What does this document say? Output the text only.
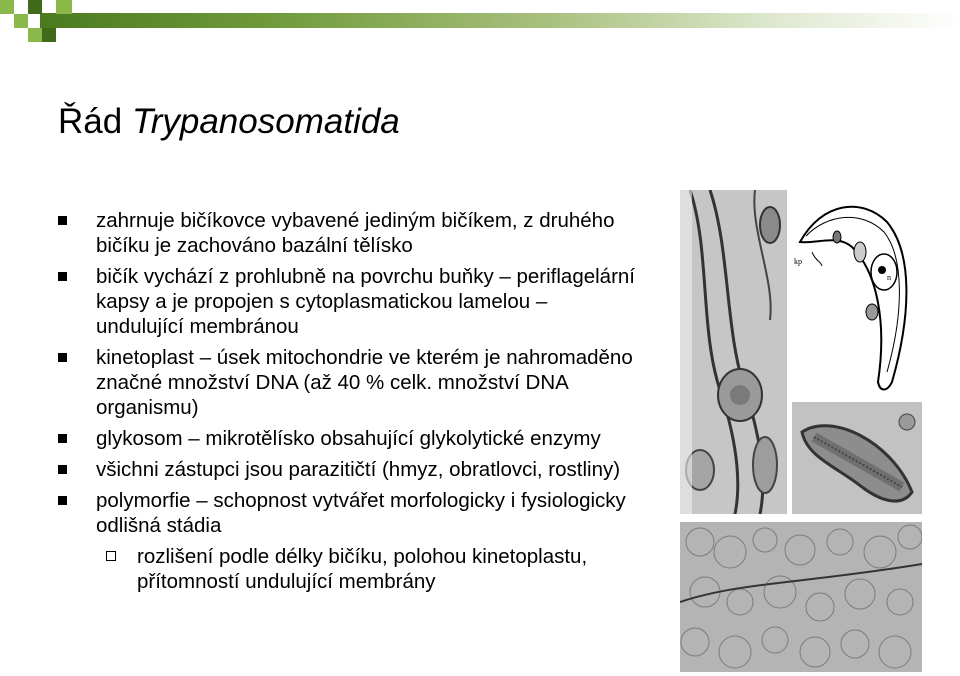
Řád Trypanosomatida
zahrnuje bičíkovce vybavené jediným bičíkem, z druhého bičíku je zachováno bazální tělísko
bičík vychází z prohlubně na povrchu buňky – periflagelární kapsy a je propojen s cytoplasmatickou lamelou – undulující membránou
kinetoplast – úsek mitochondrie ve kterém je nahromaděno značné množství DNA (až 40 % celk. množství DNA organismu)
glykosom – mikrotělísko obsahující glykolytické enzymy
všichni zástupci jsou parazitičtí (hmyz, obratlovci, rostliny)
polymorfie – schopnost vytvářet morfologicky i fysiologicky odlišná stádia
rozlišení podle délky bičíku, polohou kinetoplastu, přítomností undulující membrány
kp
n
